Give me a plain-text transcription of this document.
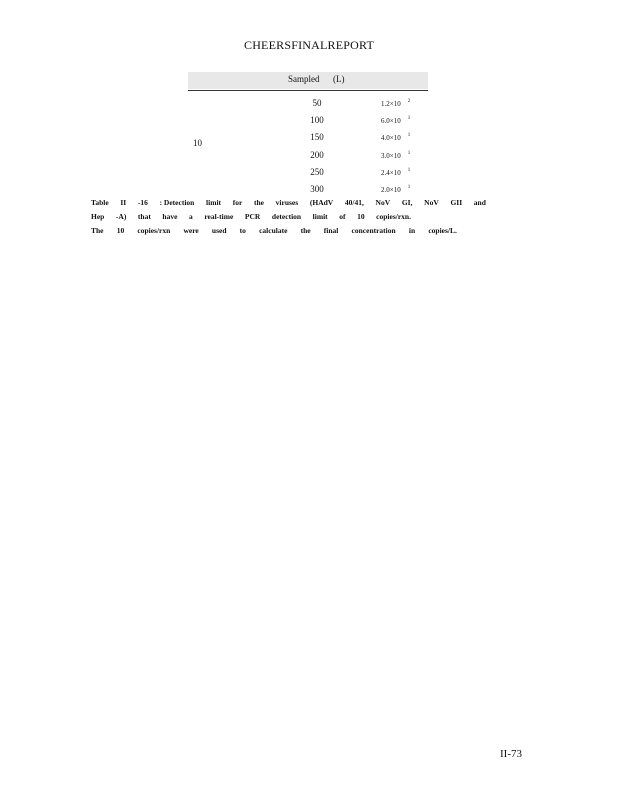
CHEERSFINALREPORT
Sampled      (L)
10
50	1.2×10 $^2$
100	6.0×10 $^1$
150	4.0×10 $^1$
200	3.0×10 $^1$
250	2.4×10 $^1$
300	2.0×10 $^1$
Table II -16 : Detection limit for the viruses (HAdV 40/41, NoV GI, NoV GII and
Hep -A) that have a real-time PCR detection limit of 10 copies/rxn.
The 10 copies/rxn were used to calculate the final concentration in copies/L.
II-73
